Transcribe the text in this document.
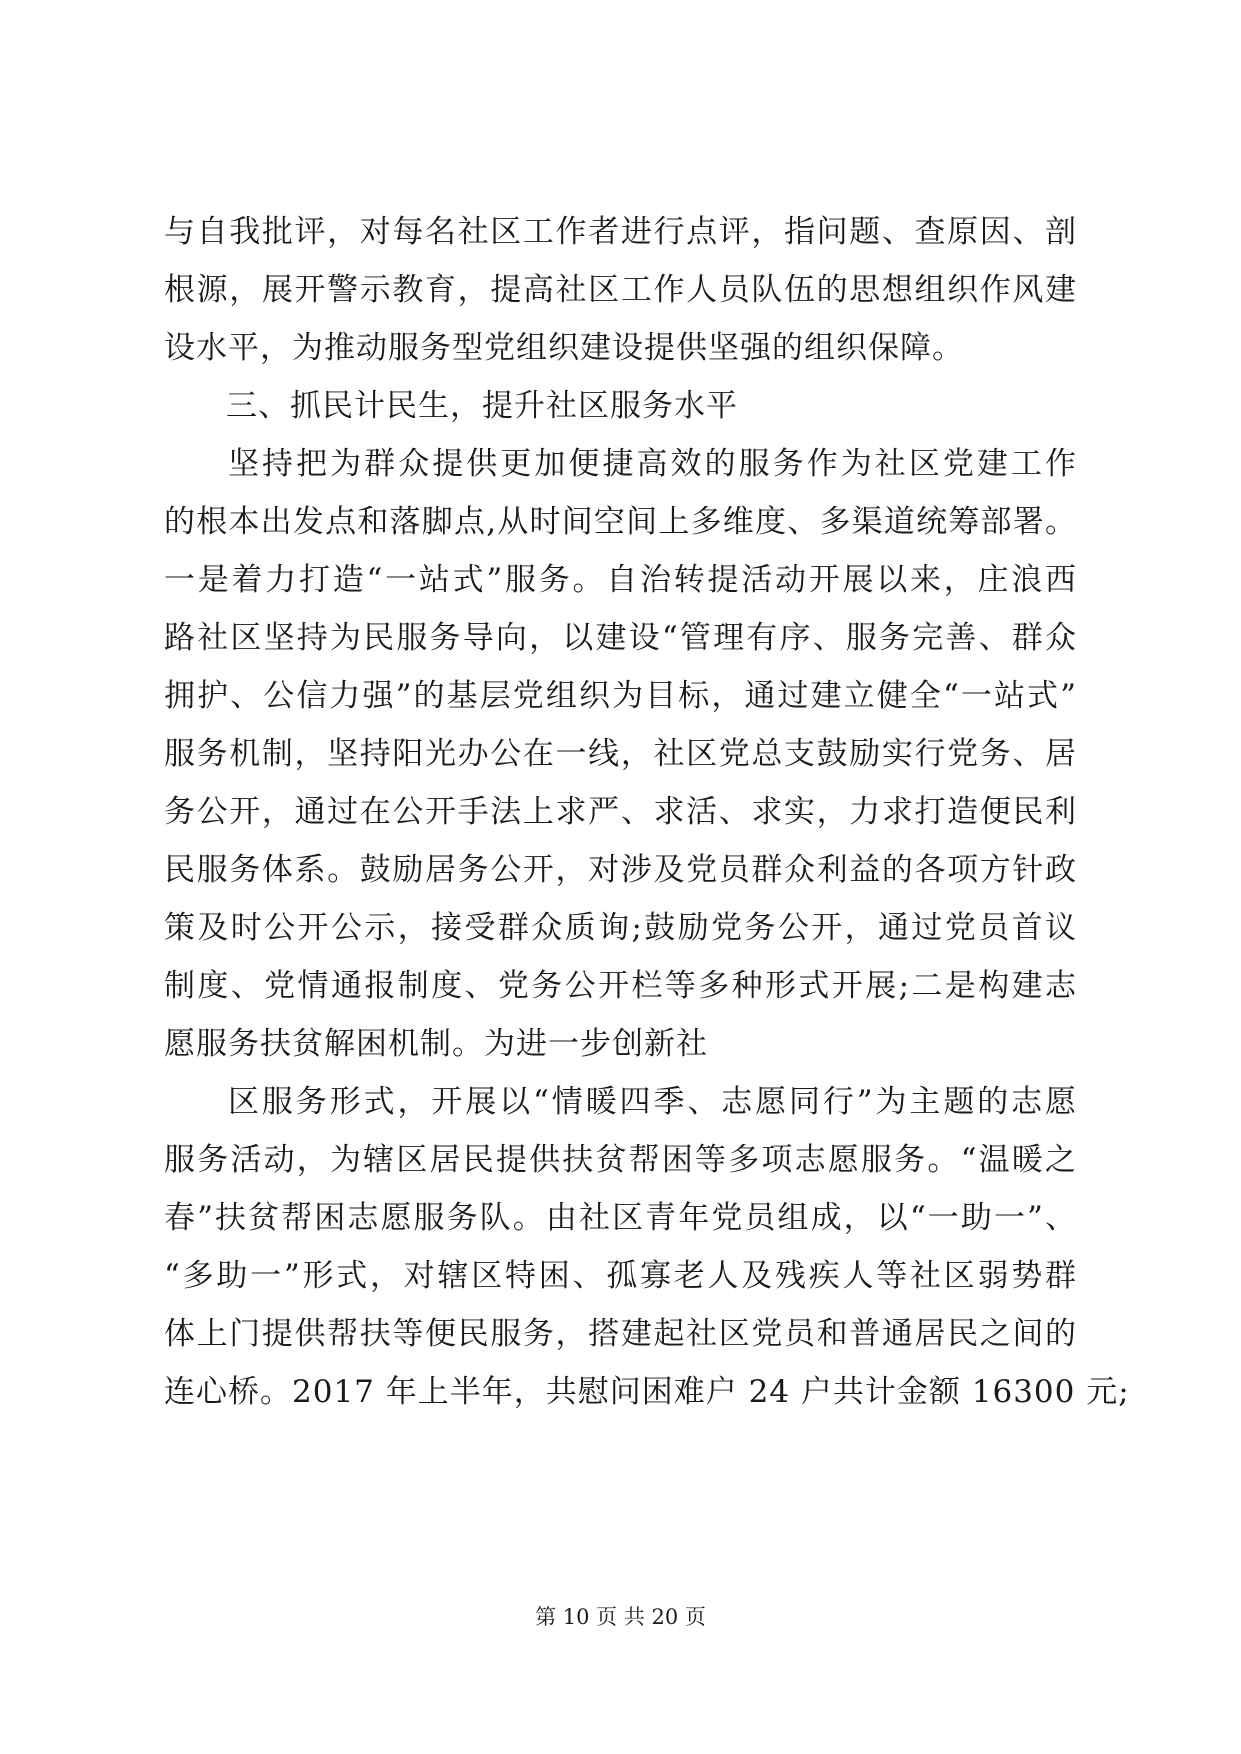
与自我批评，对每名社区工作者进行点评，指问题、查原因、剖
根源，展开警示教育，提高社区工作人员队伍的思想组织作风建
设水平，为推动服务型党组织建设提供坚强的组织保障。
三、抓民计民生，提升社区服务水平
坚持把为群众提供更加便捷高效的服务作为社区党建工作
的根本出发点和落脚点,从时间空间上多维度、多渠道统筹部署。
一是着力打造“一站式”服务。自治转提活动开展以来，庄浪西
路社区坚持为民服务导向，以建设“管理有序、服务完善、群众
拥护、公信力强”的基层党组织为目标，通过建立健全“一站式”
服务机制，坚持阳光办公在一线，社区党总支鼓励实行党务、居
务公开，通过在公开手法上求严、求活、求实，力求打造便民利
民服务体系。鼓励居务公开，对涉及党员群众利益的各项方针政
策及时公开公示，接受群众质询;鼓励党务公开，通过党员首议
制度、党情通报制度、党务公开栏等多种形式开展;二是构建志
愿服务扶贫解困机制。为进一步创新社
区服务形式，开展以“情暖四季、志愿同行”为主题的志愿
服务活动，为辖区居民提供扶贫帮困等多项志愿服务。“温暖之
春”扶贫帮困志愿服务队。由社区青年党员组成，以“一助一”、
“多助一”形式，对辖区特困、孤寡老人及残疾人等社区弱势群
体上门提供帮扶等便民服务，搭建起社区党员和普通居民之间的
连心桥。2017 年上半年，共慰问困难户 24 户共计金额 16300 元;
第 10 页 共 20 页
